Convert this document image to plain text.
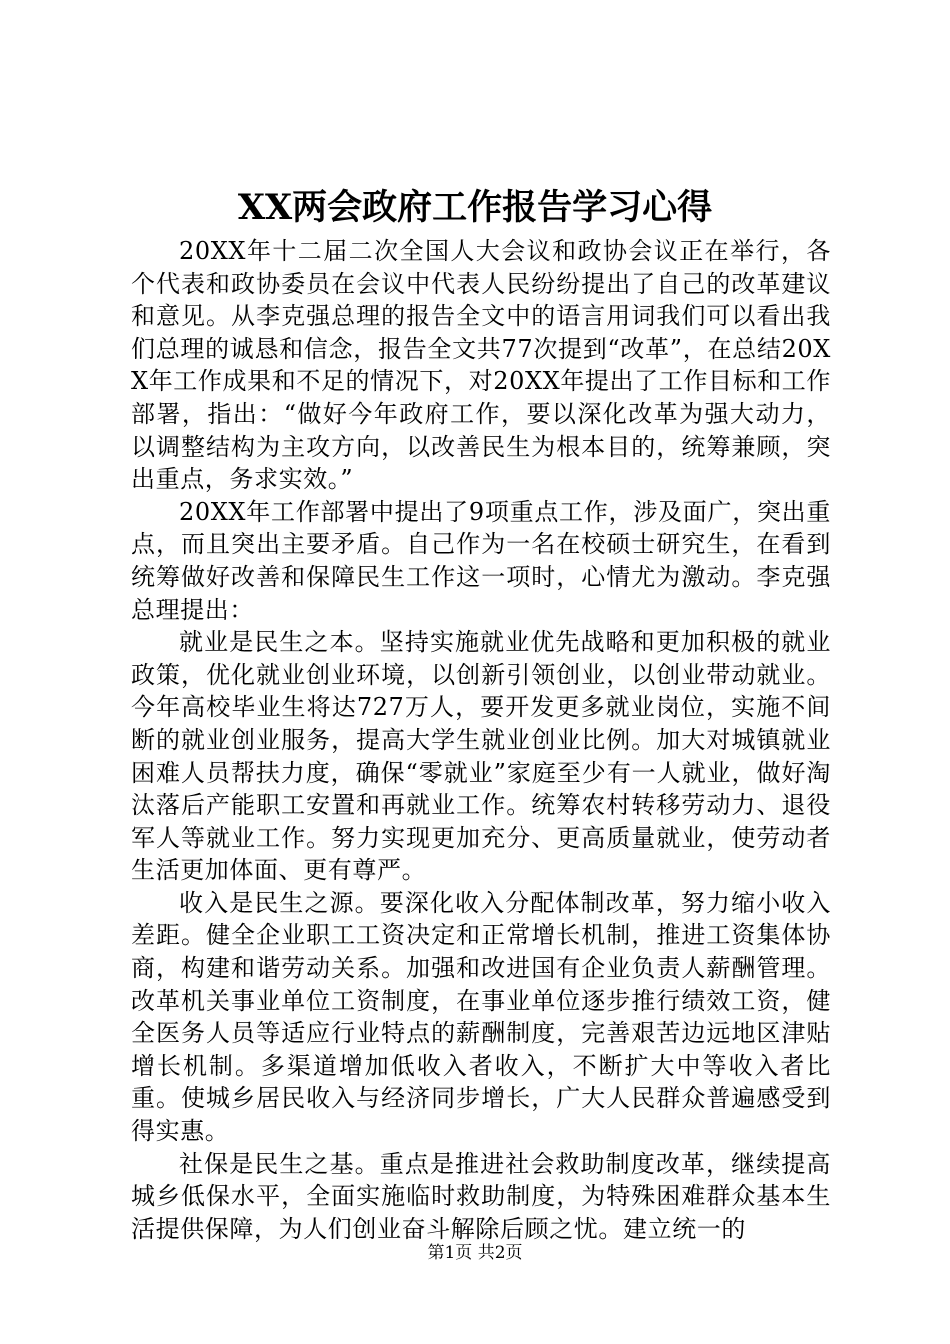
XX两会政府工作报告学习心得

20XX年十二届二次全国人大会议和政协会议正在举行，各个代表和政协委员在会议中代表人民纷纷提出了自己的改革建议和意见。从李克强总理的报告全文中的语言用词我们可以看出我们总理的诚恳和信念，报告全文共77次提到“改革”，在总结20XX年工作成果和不足的情况下，对20XX年提出了工作目标和工作部署，指出：“做好今年政府工作，要以深化改革为强大动力，以调整结构为主攻方向，以改善民生为根本目的，统筹兼顾，突出重点，务求实效。”

20XX年工作部署中提出了9项重点工作，涉及面广，突出重点，而且突出主要矛盾。自己作为一名在校硕士研究生，在看到统筹做好改善和保障民生工作这一项时，心情尤为激动。李克强总理提出：

就业是民生之本。坚持实施就业优先战略和更加积极的就业政策，优化就业创业环境，以创新引领创业，以创业带动就业。今年高校毕业生将达727万人，要开发更多就业岗位，实施不间断的就业创业服务，提高大学生就业创业比例。加大对城镇就业困难人员帮扶力度，确保“零就业”家庭至少有一人就业，做好淘汰落后产能职工安置和再就业工作。统筹农村转移劳动力、退役军人等就业工作。努力实现更加充分、更高质量就业，使劳动者生活更加体面、更有尊严。

收入是民生之源。要深化收入分配体制改革，努力缩小收入差距。健全企业职工工资决定和正常增长机制，推进工资集体协商，构建和谐劳动关系。加强和改进国有企业负责人薪酬管理。改革机关事业单位工资制度，在事业单位逐步推行绩效工资，健全医务人员等适应行业特点的薪酬制度，完善艰苦边远地区津贴增长机制。多渠道增加低收入者收入，不断扩大中等收入者比重。使城乡居民收入与经济同步增长，广大人民群众普遍感受到得实惠。

社保是民生之基。重点是推进社会救助制度改革，继续提高城乡低保水平，全面实施临时救助制度，为特殊困难群众基本生活提供保障，为人们创业奋斗解除后顾之忧。建立统一的

第1页 共2页
